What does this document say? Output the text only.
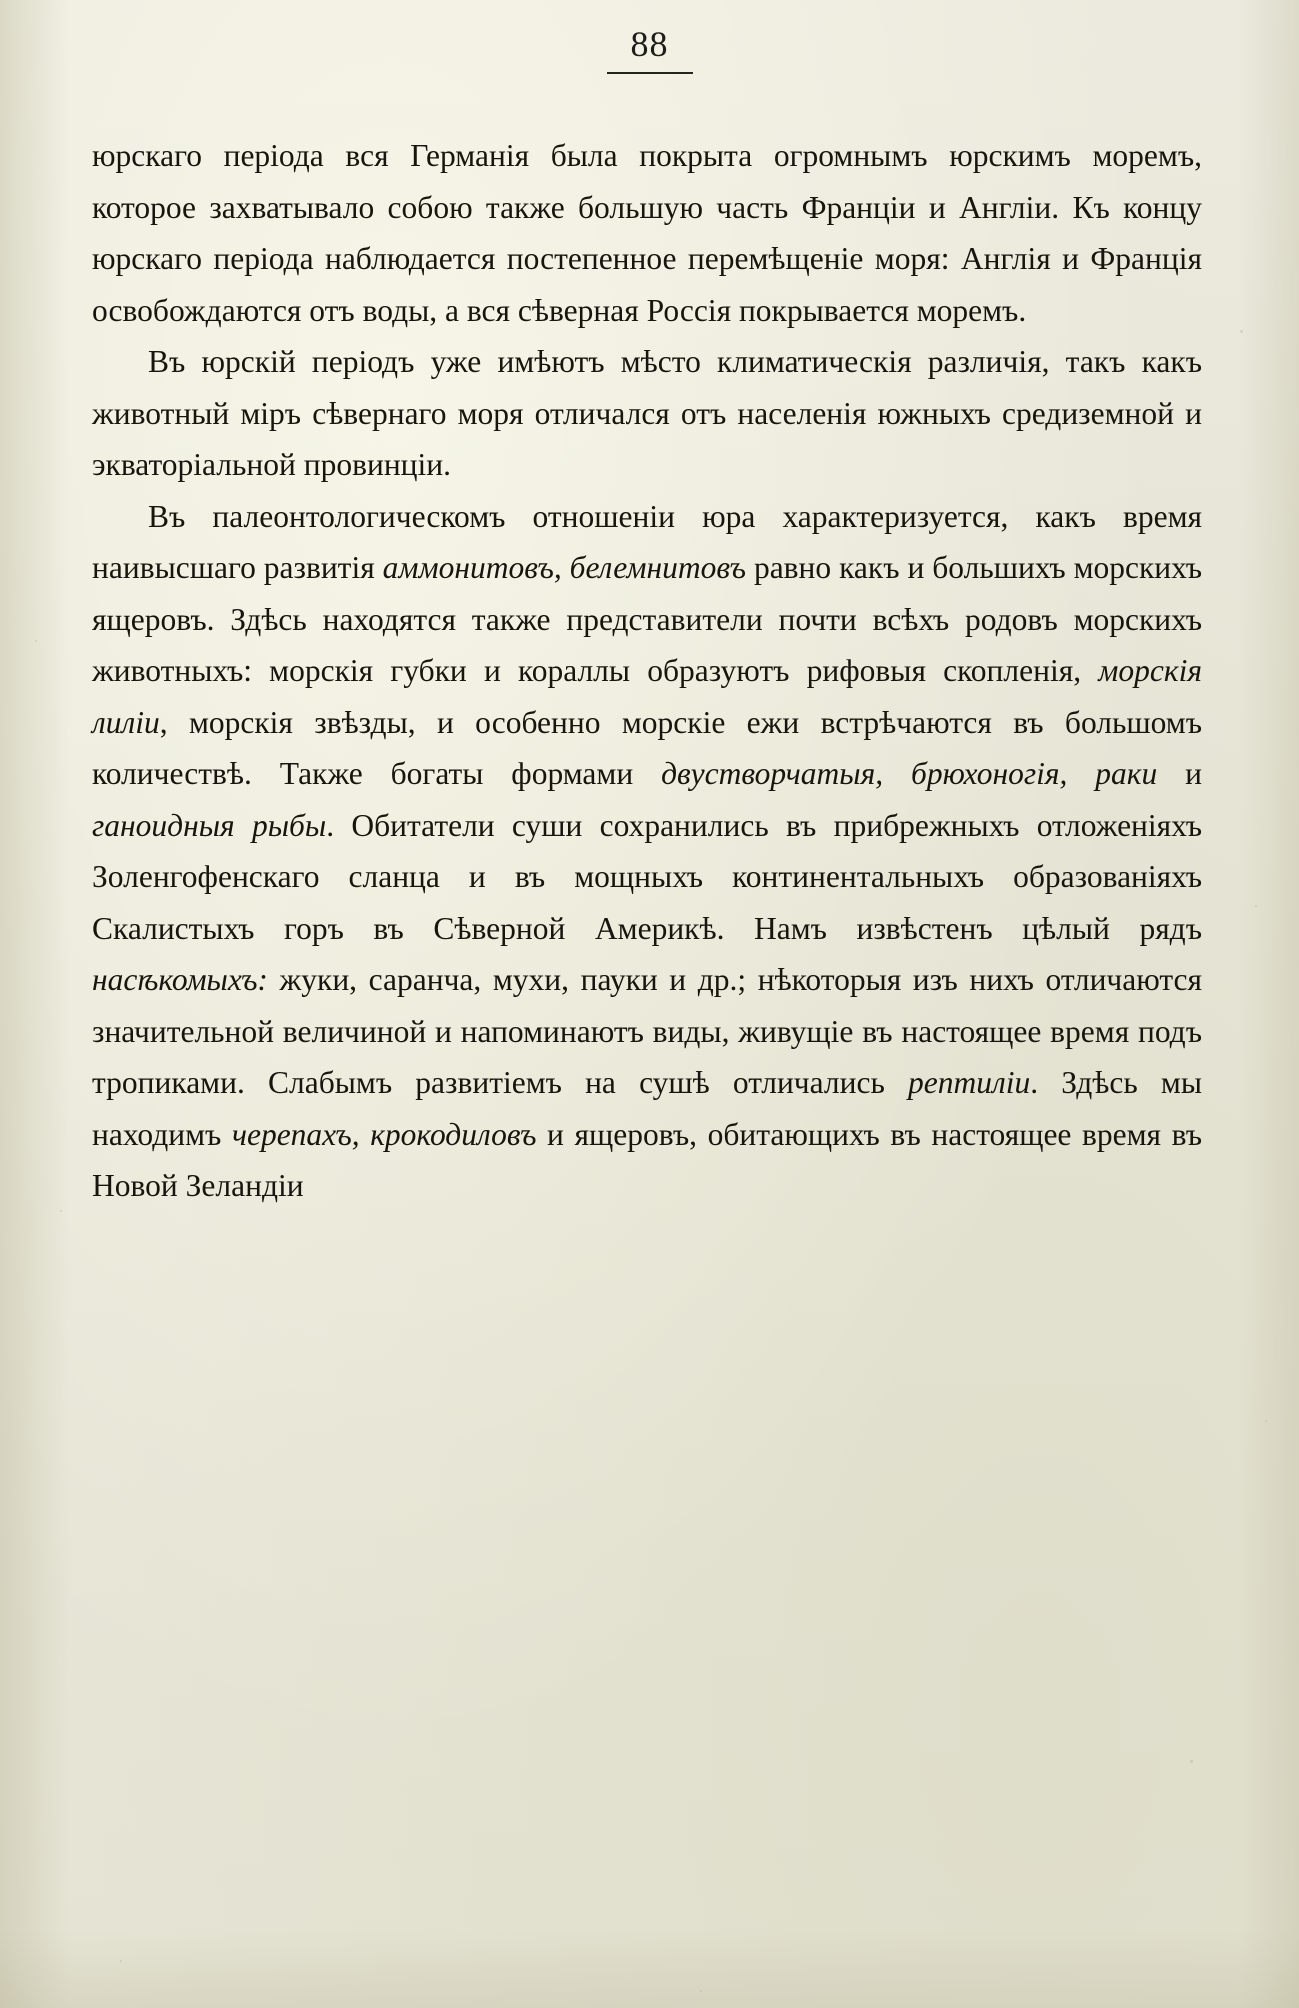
88

юрскаго періода вся Германія была покрыта огромнымъ юрскимъ моремъ, которое захватывало собою также большую часть Франціи и Англіи. Къ концу юрскаго періода наблюдается постепенное перемѣщеніе моря: Англія и Франція освобождаются отъ воды, а вся сѣверная Россія покрывается моремъ.

Въ юрскій періодъ уже имѣютъ мѣсто климатическія различія, такъ какъ животный міръ сѣвернаго моря отличался отъ населенія южныхъ средиземной и экваторіальной провинціи.

Въ палеонтологическомъ отношеніи юра характеризуется, какъ время наивысшаго развитія аммонитовъ, белемнитовъ равно какъ и большихъ морскихъ ящеровъ. Здѣсь находятся также представители почти всѣхъ родовъ морскихъ животныхъ: морскія губки и кораллы образуютъ рифовыя скопленія, морскія лиліи, морскія звѣзды, и особенно морскіе ежи встрѣчаются въ большомъ количествѣ. Также богаты формами двустворчатыя, брюхоногія, раки и ганоидныя рыбы. Обитатели суши сохранились въ прибрежныхъ отложеніяхъ Золенгофенскаго сланца и въ мощныхъ континентальныхъ образованіяхъ Скалистыхъ горъ въ Сѣверной Америкѣ. Намъ извѣстенъ цѣлый рядъ насѣкомыхъ: жуки, саранча, мухи, пауки и др.; нѣкоторыя изъ нихъ отличаются значительной величиной и напоминаютъ виды, живущіе въ настоящее время подъ тропиками. Слабымъ развитіемъ на сушѣ отличались рептиліи. Здѣсь мы находимъ черепахъ, крокодиловъ и ящеровъ, обитающихъ въ настоящее время въ Новой Зеландіи
